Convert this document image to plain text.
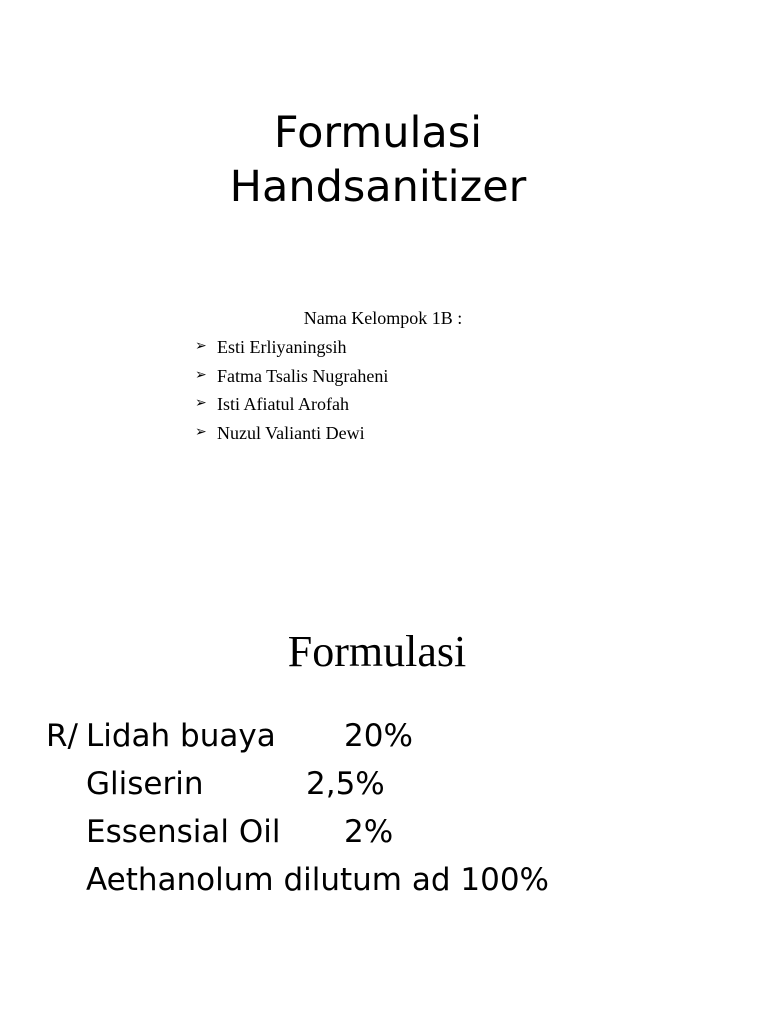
Formulasi
Handsanitizer
Nama Kelompok 1B :
➢ Esti Erliyaningsih
➢ Fatma Tsalis Nugraheni
➢ Isti Afiatul Arofah
➢ Nuzul Valianti Dewi
Formulasi
R/ Lidah buaya 20%
Gliserin	2,5%
Essensial Oil 2%
Aethanolum dilutum ad 100%
